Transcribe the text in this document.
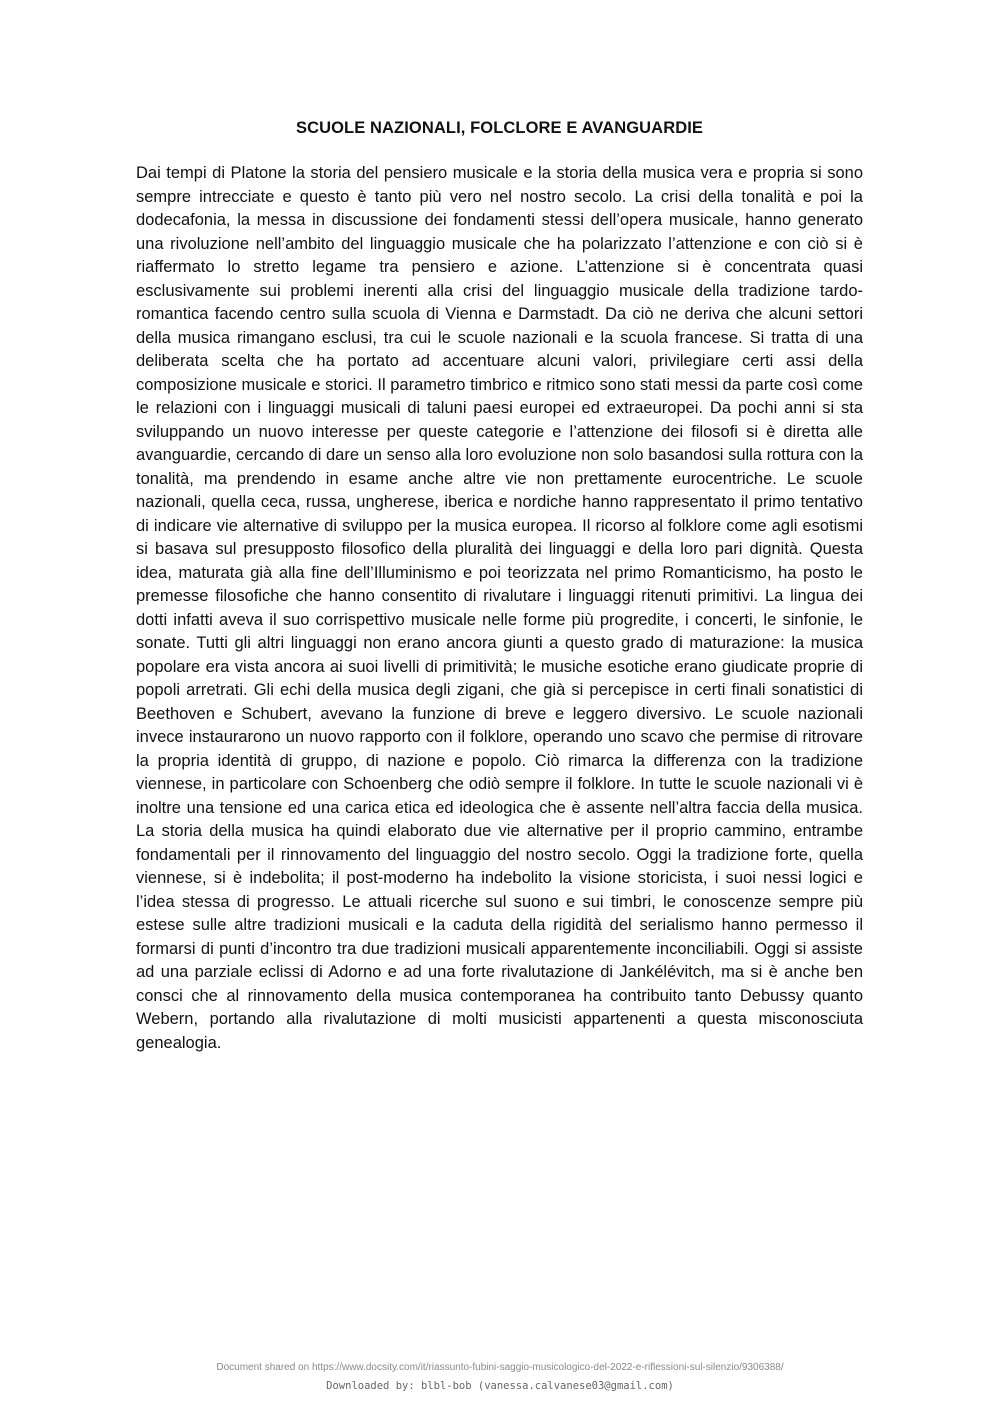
SCUOLE NAZIONALI, FOLCLORE E AVANGUARDIE
Dai tempi di Platone la storia del pensiero musicale e la storia della musica vera e propria si sono sempre intrecciate e questo è tanto più vero nel nostro secolo. La crisi della tonalità e poi la dodecafonia, la messa in discussione dei fondamenti stessi dell’opera musicale, hanno generato una rivoluzione nell’ambito del linguaggio musicale che ha polarizzato l’attenzione e con ciò si è riaffermato lo stretto legame tra pensiero e azione. L’attenzione si è concentrata quasi esclusivamente sui problemi inerenti alla crisi del linguaggio musicale della tradizione tardo-romantica facendo centro sulla scuola di Vienna e Darmstadt. Da ciò ne deriva che alcuni settori della musica rimangano esclusi, tra cui le scuole nazionali e la scuola francese. Si tratta di una deliberata scelta che ha portato ad accentuare alcuni valori, privilegiare certi assi della composizione musicale e storici. Il parametro timbrico e ritmico sono stati messi da parte così come le relazioni con i linguaggi musicali di taluni paesi europei ed extraeuropei. Da pochi anni si sta sviluppando un nuovo interesse per queste categorie e l’attenzione dei filosofi si è diretta alle avanguardie, cercando di dare un senso alla loro evoluzione non solo basandosi sulla rottura con la tonalità, ma prendendo in esame anche altre vie non prettamente eurocentriche. Le scuole nazionali, quella ceca, russa, ungherese, iberica e nordiche hanno rappresentato il primo tentativo di indicare vie alternative di sviluppo per la musica europea. Il ricorso al folklore come agli esotismi si basava sul presupposto filosofico della pluralità dei linguaggi e della loro pari dignità. Questa idea, maturata già alla fine dell’Illuminismo e poi teorizzata nel primo Romanticismo, ha posto le premesse filosofiche che hanno consentito di rivalutare i linguaggi ritenuti primitivi. La lingua dei dotti infatti aveva il suo corrispettivo musicale nelle forme più progredite, i concerti, le sinfonie, le sonate. Tutti gli altri linguaggi non erano ancora giunti a questo grado di maturazione: la musica popolare era vista ancora ai suoi livelli di primitività; le musiche esotiche erano giudicate proprie di popoli arretrati. Gli echi della musica degli zigani, che già si percepisce in certi finali sonatistici di Beethoven e Schubert, avevano la funzione di breve e leggero diversivo. Le scuole nazionali invece instaurarono un nuovo rapporto con il folklore, operando uno scavo che permise di ritrovare la propria identità di gruppo, di nazione e popolo. Ciò rimarca la differenza con la tradizione viennese, in particolare con Schoenberg che odiò sempre il folklore. In tutte le scuole nazionali vi è inoltre una tensione ed una carica etica ed ideologica che è assente nell’altra faccia della musica. La storia della musica ha quindi elaborato due vie alternative per il proprio cammino, entrambe fondamentali per il rinnovamento del linguaggio del nostro secolo. Oggi la tradizione forte, quella viennese, si è indebolita; il post-moderno ha indebolito la visione storicista, i suoi nessi logici e l’idea stessa di progresso. Le attuali ricerche sul suono e sui timbri, le conoscenze sempre più estese sulle altre tradizioni musicali e la caduta della rigidità del serialismo hanno permesso il formarsi di punti d’incontro tra due tradizioni musicali apparentemente inconciliabili. Oggi si assiste ad una parziale eclissi di Adorno e ad una forte rivalutazione di Jankélévitch, ma si è anche ben consci che al rinnovamento della musica contemporanea ha contribuito tanto Debussy quanto Webern, portando alla rivalutazione di molti musicisti appartenenti a questa misconosciuta genealogia.
Document shared on https://www.docsity.com/it/riassunto-fubini-saggio-musicologico-del-2022-e-riflessioni-sul-silenzio/9306388/
Downloaded by: blbl-bob (vanessa.calvanese03@gmail.com)
